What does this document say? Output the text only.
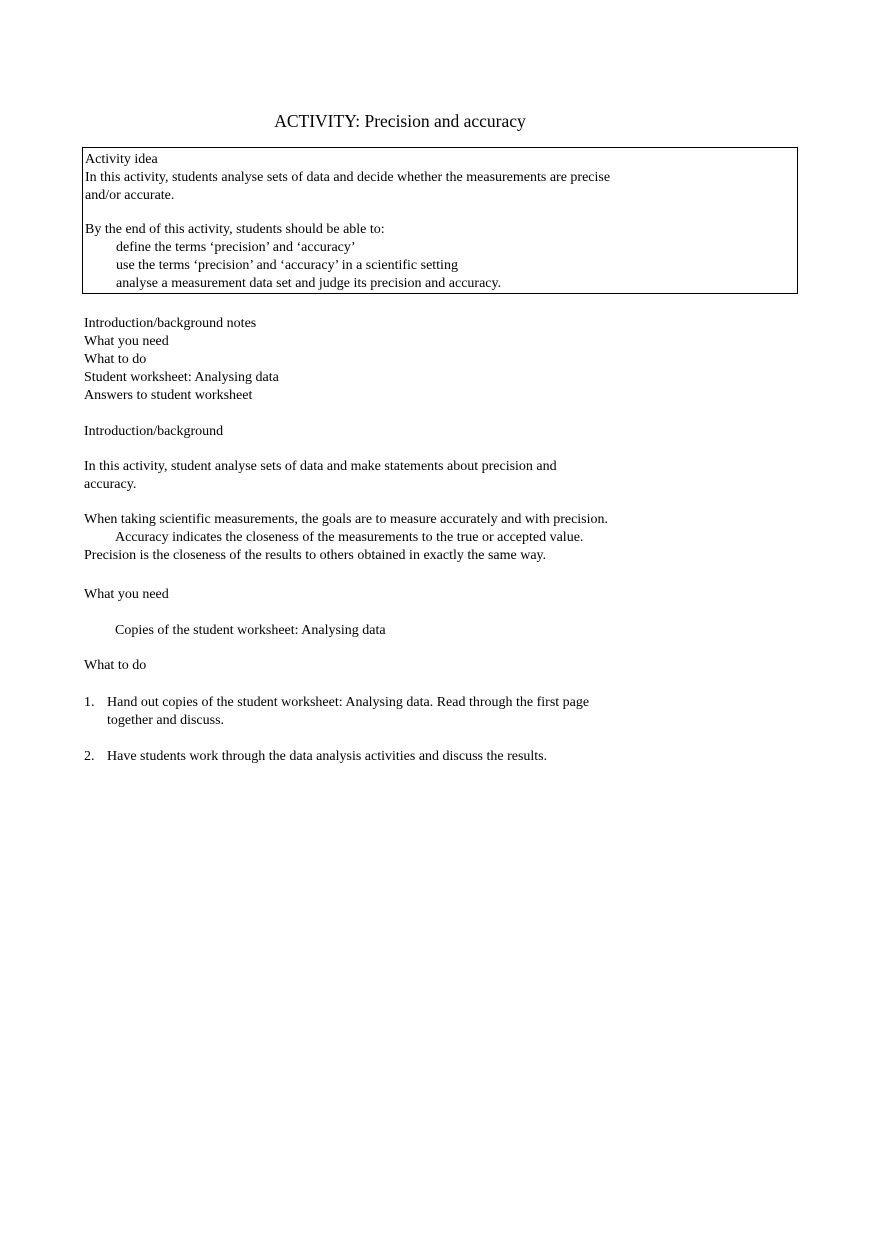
ACTIVITY: Precision and accuracy
Activity idea
In this activity, students analyse sets of data and decide whether the measurements are precise
and/or accurate.
By the end of this activity, students should be able to:
define the terms ‘precision’ and ‘accuracy’
use the terms ‘precision’ and ‘accuracy’ in a scientific setting
analyse a measurement data set and judge its precision and accuracy.
Introduction/background notes
What you need
What to do
Student worksheet: Analysing data
Answers to student worksheet
Introduction/background
In this activity, student analyse sets of data and make statements about precision and
accuracy.
When taking scientific measurements, the goals are to measure accurately and with precision.
Accuracy indicates the closeness of the measurements to the true or accepted value.
Precision is the closeness of the results to others obtained in exactly the same way.
What you need
Copies of the student worksheet: Analysing data
What to do
1. Hand out copies of the student worksheet: Analysing data. Read through the first page
together and discuss.
2. Have students work through the data analysis activities and discuss the results.
